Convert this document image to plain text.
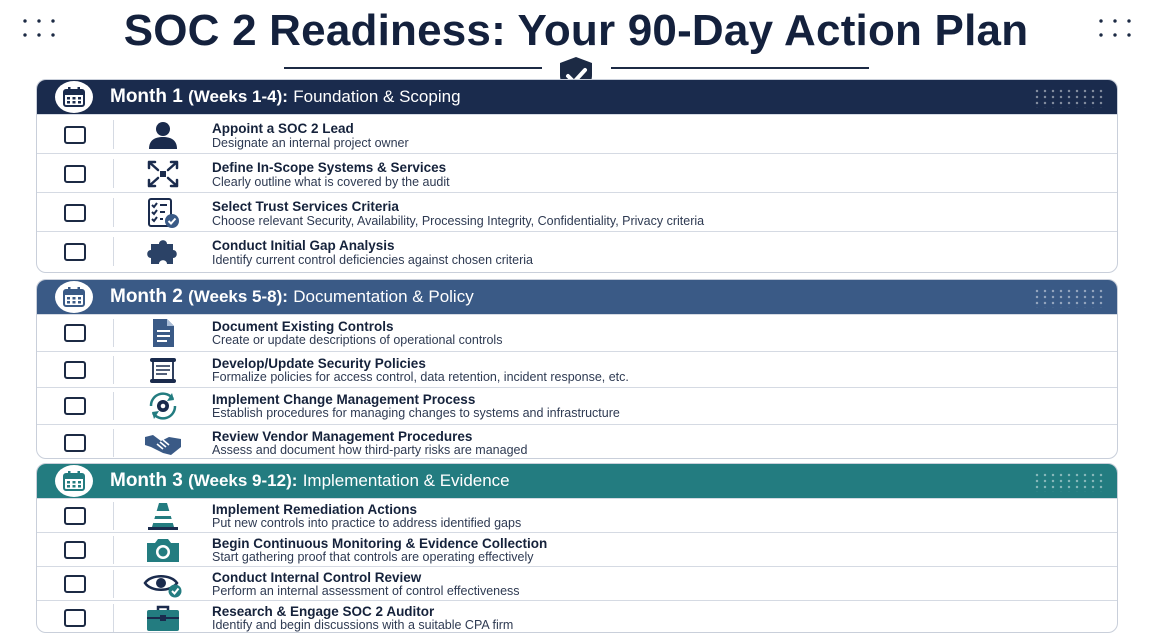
SOC 2 Readiness: Your 90-Day Action Plan
Month 1 (Weeks 1-4): Foundation & Scoping
Appoint a SOC 2 Lead
Designate an internal project owner
Define In-Scope Systems & Services
Clearly outline what is covered by the audit
Select Trust Services Criteria
Choose relevant Security, Availability, Processing Integrity, Confidentiality, Privacy criteria
Conduct Initial Gap Analysis
Identify current control deficiencies against chosen criteria
Month 2 (Weeks 5-8): Documentation & Policy
Document Existing Controls
Create or update descriptions of operational controls
Develop/Update Security Policies
Formalize policies for access control, data retention, incident response, etc.
Implement Change Management Process
Establish procedures for managing changes to systems and infrastructure
Review Vendor Management Procedures
Assess and document how third-party risks are managed
Month 3 (Weeks 9-12): Implementation & Evidence
Implement Remediation Actions
Put new controls into practice to address identified gaps
Begin Continuous Monitoring & Evidence Collection
Start gathering proof that controls are operating effectively
Conduct Internal Control Review
Perform an internal assessment of control effectiveness
Research & Engage SOC 2 Auditor
Identify and begin discussions with a suitable CPA firm
